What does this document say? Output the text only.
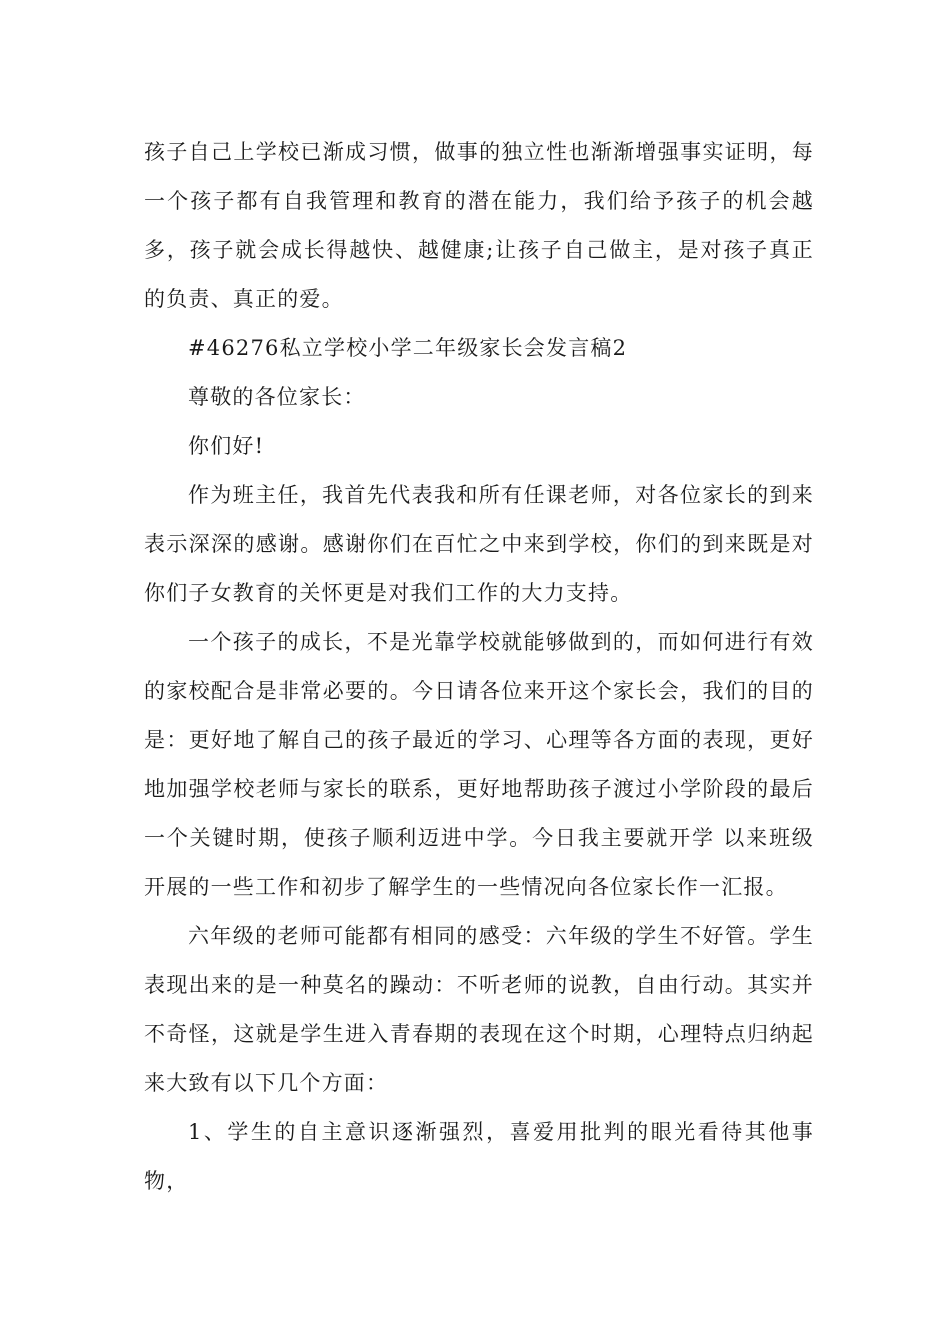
孩子自己上学校已渐成习惯，做事的独立性也渐渐增强事实证明，每一个孩子都有自我管理和教育的潜在能力，我们给予孩子的机会越多，孩子就会成长得越快、越健康;让孩子自己做主，是对孩子真正的负责、真正的爱。

#46276私立学校小学二年级家长会发言稿2

尊敬的各位家长：

你们好!

作为班主任，我首先代表我和所有任课老师，对各位家长的到来表示深深的感谢。感谢你们在百忙之中来到学校，你们的到来既是对你们子女教育的关怀更是对我们工作的大力支持。

一个孩子的成长，不是光靠学校就能够做到的，而如何进行有效的家校配合是非常必要的。今日请各位来开这个家长会，我们的目的是：更好地了解自己的孩子最近的学习、心理等各方面的表现，更好地加强学校老师与家长的联系，更好地帮助孩子渡过小学阶段的最后一个关键时期，使孩子顺利迈进中学。今日我主要就开学 以来班级开展的一些工作和初步了解学生的一些情况向各位家长作一汇报。

六年级的老师可能都有相同的感受：六年级的学生不好管。学生表现出来的是一种莫名的躁动：不听老师的说教，自由行动。其实并不奇怪，这就是学生进入青春期的表现在这个时期，心理特点归纳起来大致有以下几个方面：

1、学生的自主意识逐渐强烈，喜爱用批判的眼光看待其他事物，
